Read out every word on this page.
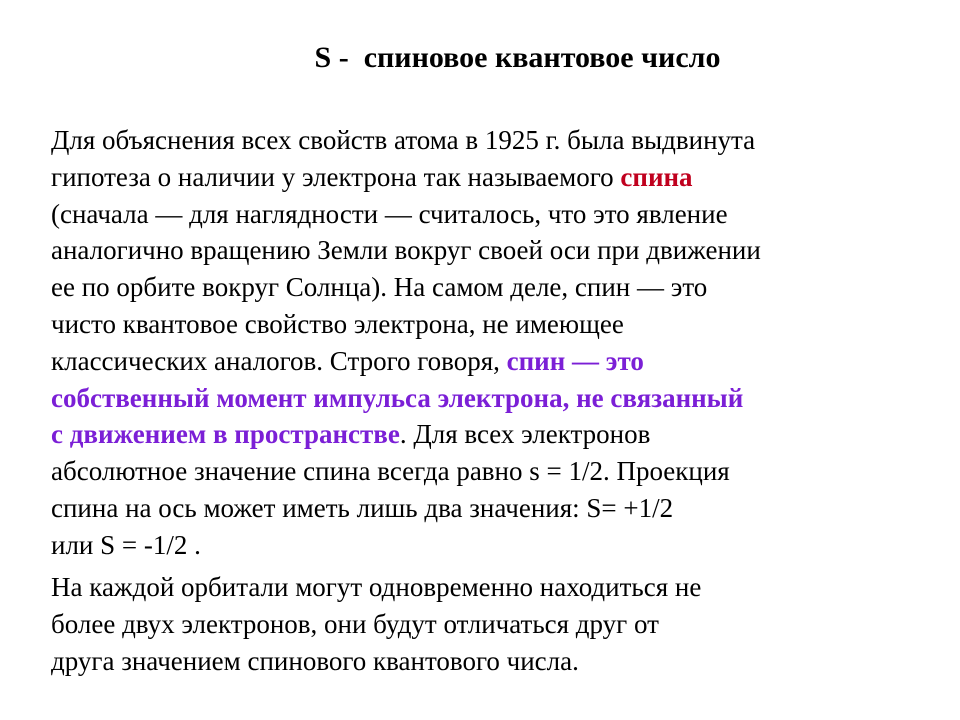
S -  спиновое квантовое число
Для объяснения всех свойств атома в 1925 г. была выдвинута
гипотеза о наличии у электрона так называемого спина
(сначала — для наглядности — считалось, что это явление
аналогично вращению Земли вокруг своей оси при движении
ее по орбите вокруг Солнца). На самом деле, спин — это
чисто квантовое свойство электрона, не имеющее
классических аналогов. Строго говоря, спин — это
собственный момент импульса электрона, не связанный
с движением в пространстве. Для всех электронов
абсолютное значение спина всегда равно s = 1/2. Проекция
спина на ось может иметь лишь два значения: S= +1/2
или S = -1/2 .
На каждой орбитали могут одновременно находиться не
более двух электронов, они будут отличаться друг от
друга значением спинового квантового числа.
